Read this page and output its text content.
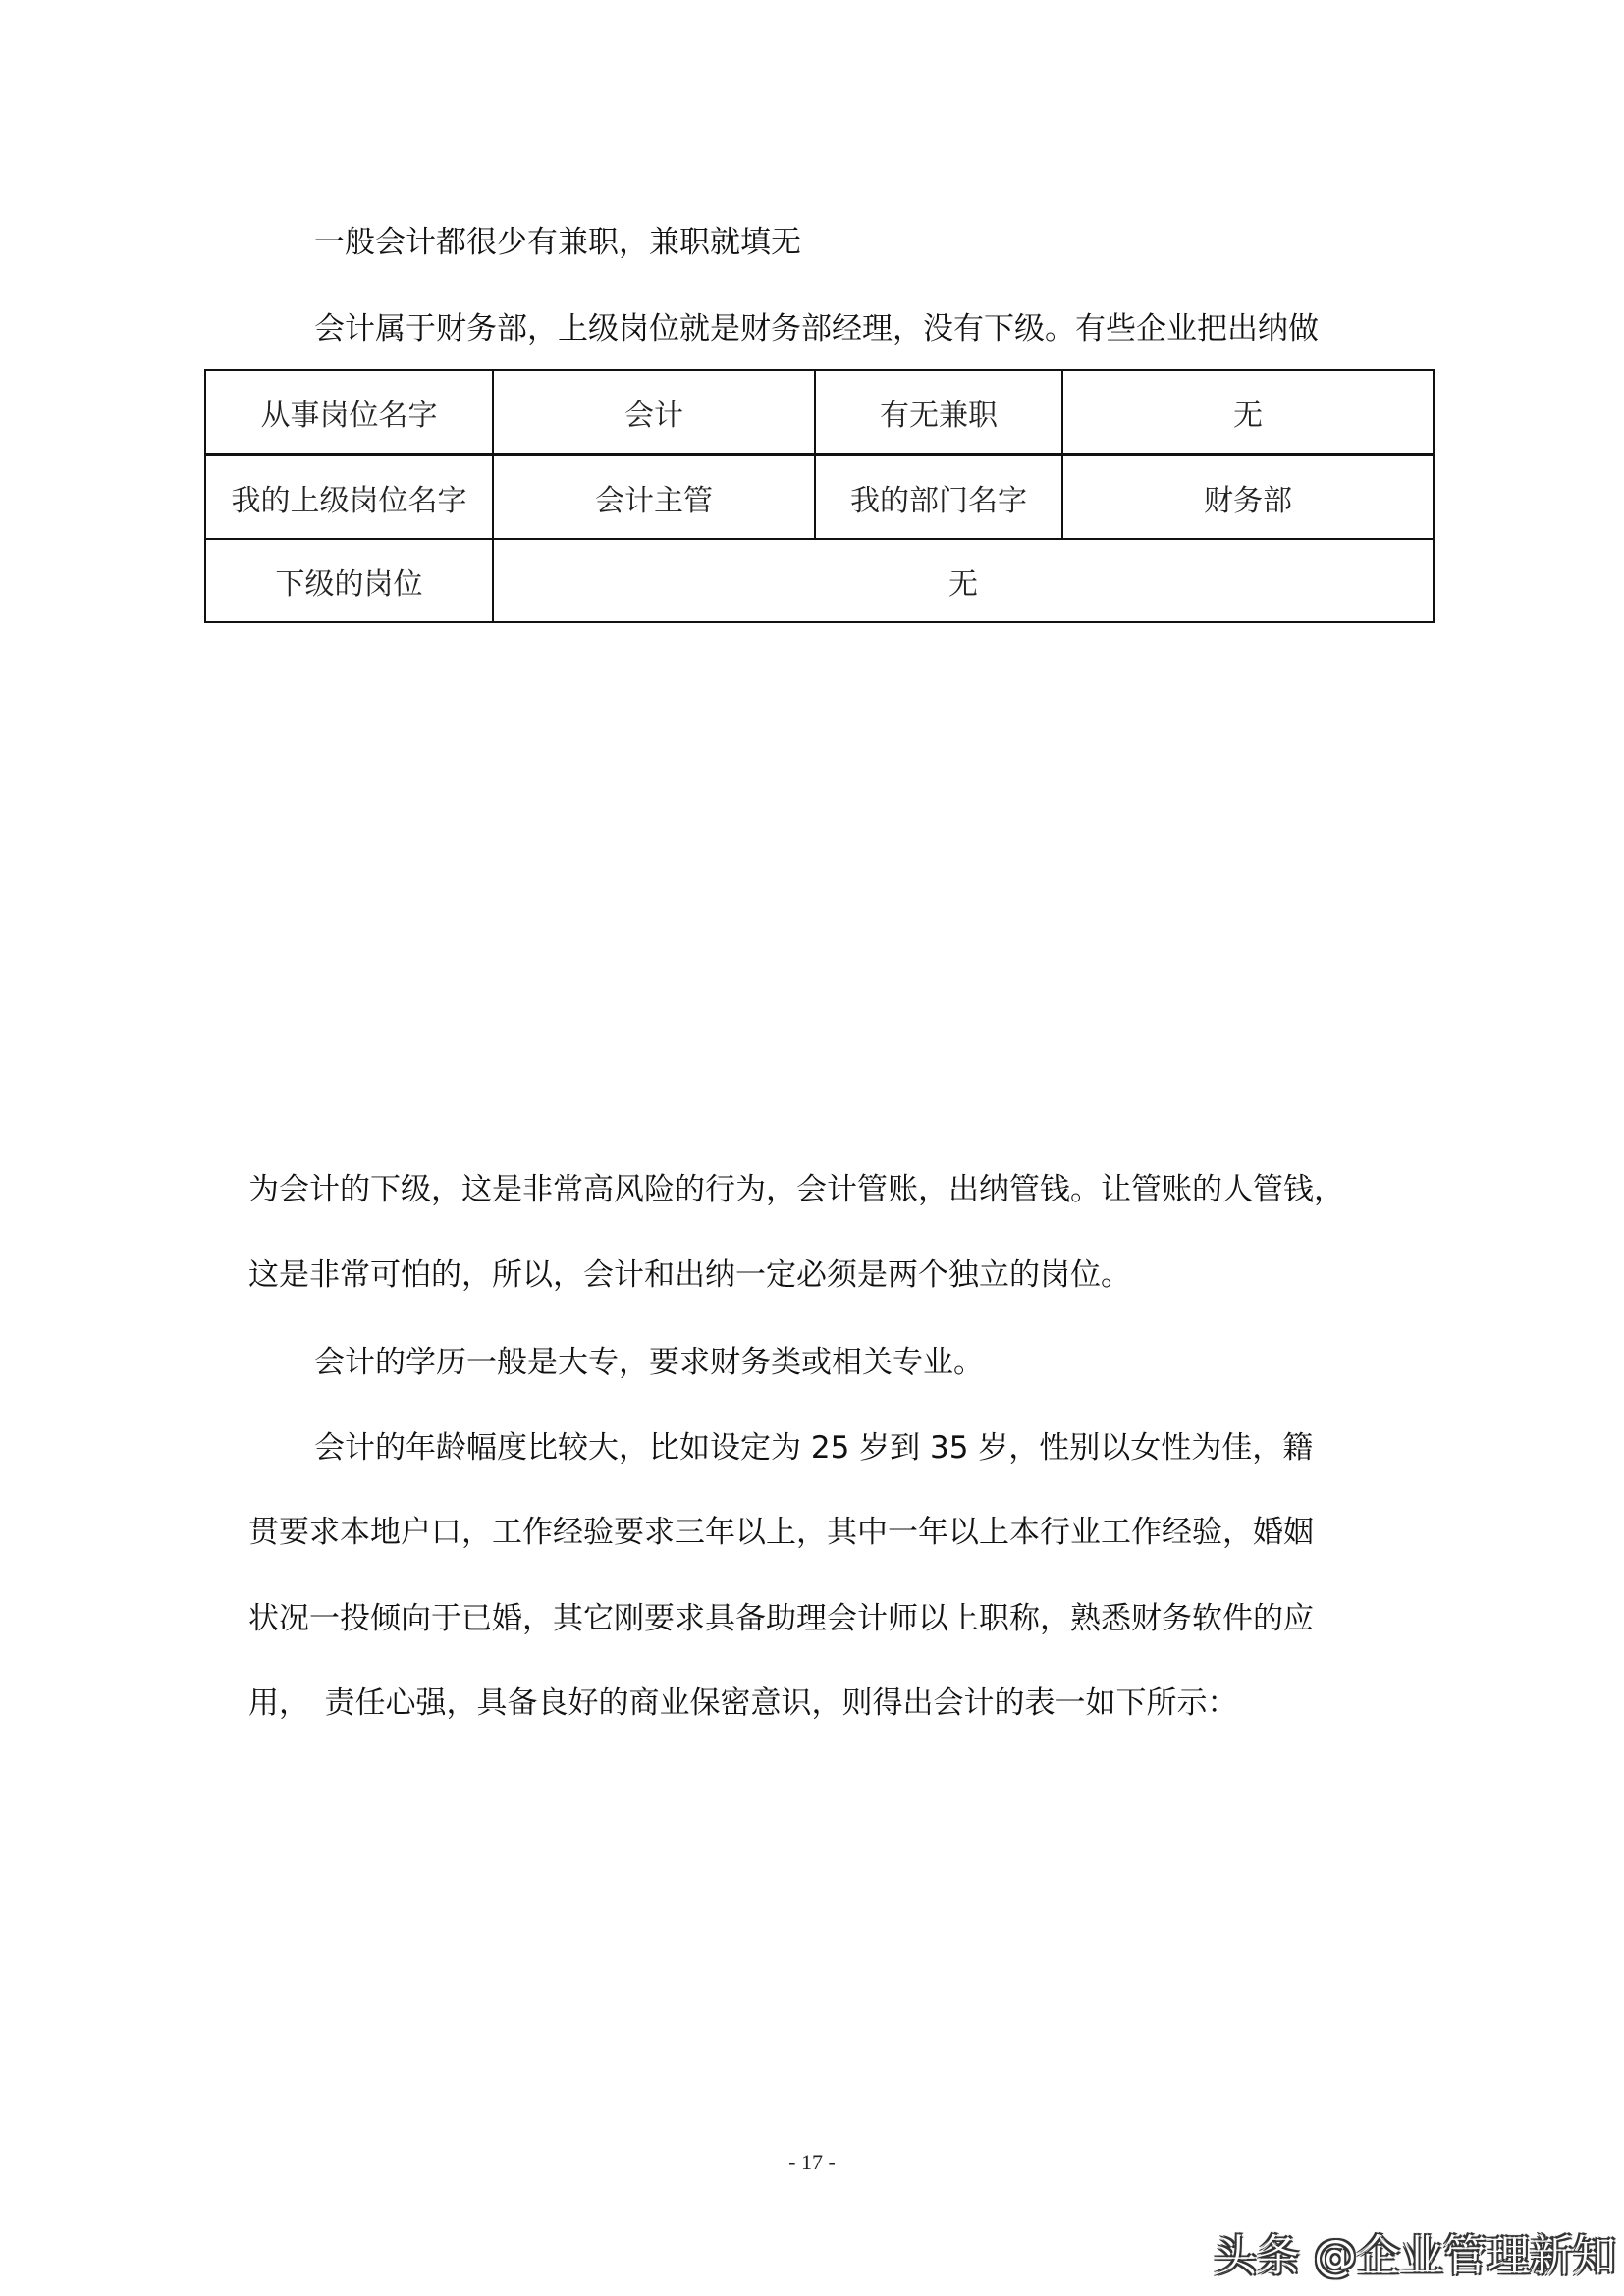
一般会计都很少有兼职，兼职就填无
会计属于财务部，上级岗位就是财务部经理，没有下级。有些企业把出纳做
从事岗位名字	会计	有无兼职	无
我的上级岗位名字	会计主管	我的部门名字	财务部
下级的岗位	无		
为会计的下级，这是非常高风险的行为，会计管账，出纳管钱。让管账的人管钱，
这是非常可怕的，所以，会计和出纳一定必须是两个独立的岗位。
会计的学历一般是大专，要求财务类或相关专业。
会计的年龄幅度比较大，比如设定为 25 岁到 35 岁，性别以女性为佳，籍
贯要求本地户口，工作经验要求三年以上，其中一年以上本行业工作经验，婚姻
状况一投倾向于已婚，其它刚要求具备助理会计师以上职称，熟悉财务软件的应
用，　责任心强，具备良好的商业保密意识，则得出会计的表一如下所示：
- 17 -
头条 @企业管理新知
